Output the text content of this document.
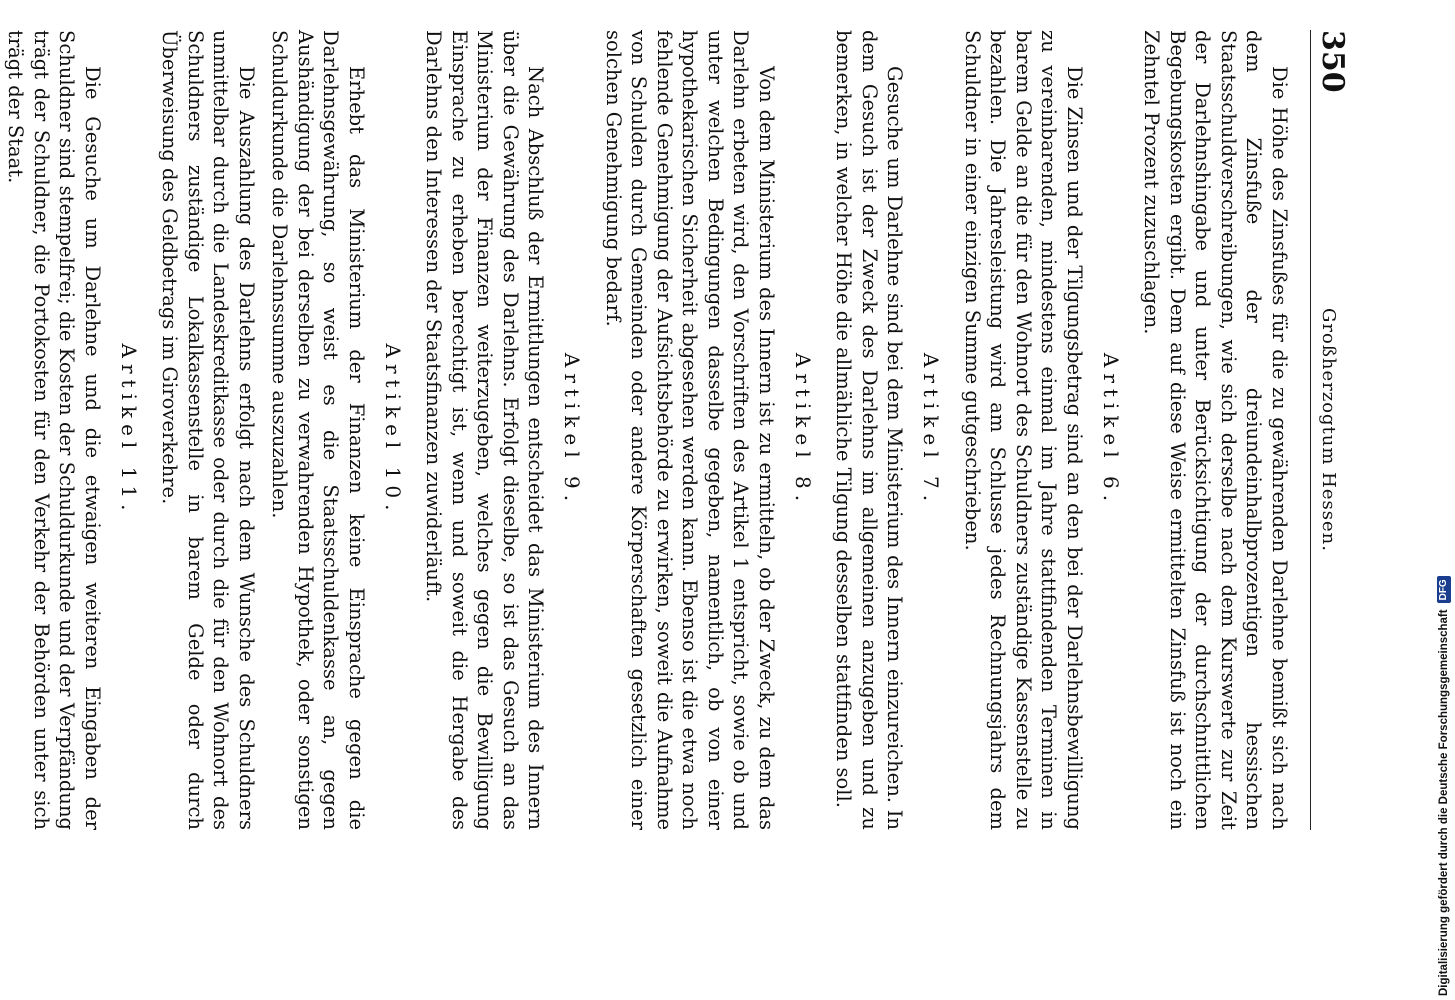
350
Großherzogtum Hessen.

Die Höhe des Zinsfußes für die zu gewährenden Darlehne bemißt sich nach dem Zinsfuße der dreiundeinhalbprozentigen hessischen Staatsschuldverschreibungen, wie sich derselbe nach dem Kurswerte zur Zeit der Darlehnshingabe und unter Berücksichtigung der durchschnittlichen Begebungskosten ergibt. Dem auf diese Weise ermittelten Zinsfuß ist noch ein Zehntel Prozent zuzuschlagen.

Artikel 6.

Die Zinsen und der Tilgungsbetrag sind an den bei der Darlehnsbewilligung zu vereinbarenden, mindestens einmal im Jahre stattfindenden Terminen in barem Gelde an die für den Wohnort des Schuldners zuständige Kassenstelle zu bezahlen. Die Jahresleistung wird am Schlusse jedes Rechnungsjahrs dem Schuldner in einer einzigen Summe gutgeschrieben.

Artikel 7.

Gesuche um Darlehne sind bei dem Ministerium des Innern einzureichen. In dem Gesuch ist der Zweck des Darlehns im allgemeinen anzugeben und zu bemerken, in welcher Höhe die allmähliche Tilgung desselben stattfinden soll.

Artikel 8.

Von dem Ministerium des Innern ist zu ermitteln, ob der Zweck, zu dem das Darlehn erbeten wird, den Vorschriften des Artikel 1 entspricht, sowie ob und unter welchen Bedingungen dasselbe gegeben, namentlich, ob von einer hypothekarischen Sicherheit abgesehen werden kann. Ebenso ist die etwa noch fehlende Genehmigung der Aufsichtsbehörde zu erwirken, soweit die Aufnahme von Schulden durch Gemeinden oder andere Körperschaften gesetzlich einer solchen Genehmigung bedarf.

Artikel 9.

Nach Abschluß der Ermittlungen entscheidet das Ministerium des Innern über die Gewährung des Darlehns. Erfolgt dieselbe, so ist das Gesuch an das Ministerium der Finanzen weiterzugeben, welches gegen die Bewilligung Einsprache zu erheben berechtigt ist, wenn und soweit die Hergabe des Darlehns den Interessen der Staatsfinanzen zuwiderläuft.

Artikel 10.

Erhebt das Ministerium der Finanzen keine Einsprache gegen die Darlehnsgewährung, so weist es die Staatsschuldenkasse an, gegen Aushändigung der bei derselben zu verwahrenden Hypothek, oder sonstigen Schuldurkunde die Darlehnssumme auszuzahlen.

Die Auszahlung des Darlehns erfolgt nach dem Wunsche des Schuldners unmittelbar durch die Landeskreditkasse oder durch die für den Wohnort des Schuldners zuständige Lokalkassenstelle in barem Gelde oder durch Überweisung des Geldbetrags im Giroverkehre.

Artikel 11.

Die Gesuche um Darlehne und die etwaigen weiteren Eingaben der Schuldner sind stempelfrei; die Kosten der Schuldurkunde und der Verpfändung trägt der Schuldner, die Portokosten für den Verkehr der Behörden unter sich trägt der Staat.

Digitalisierung gefördert durch die Deutsche Forschungsgemeinschaft
DFG
